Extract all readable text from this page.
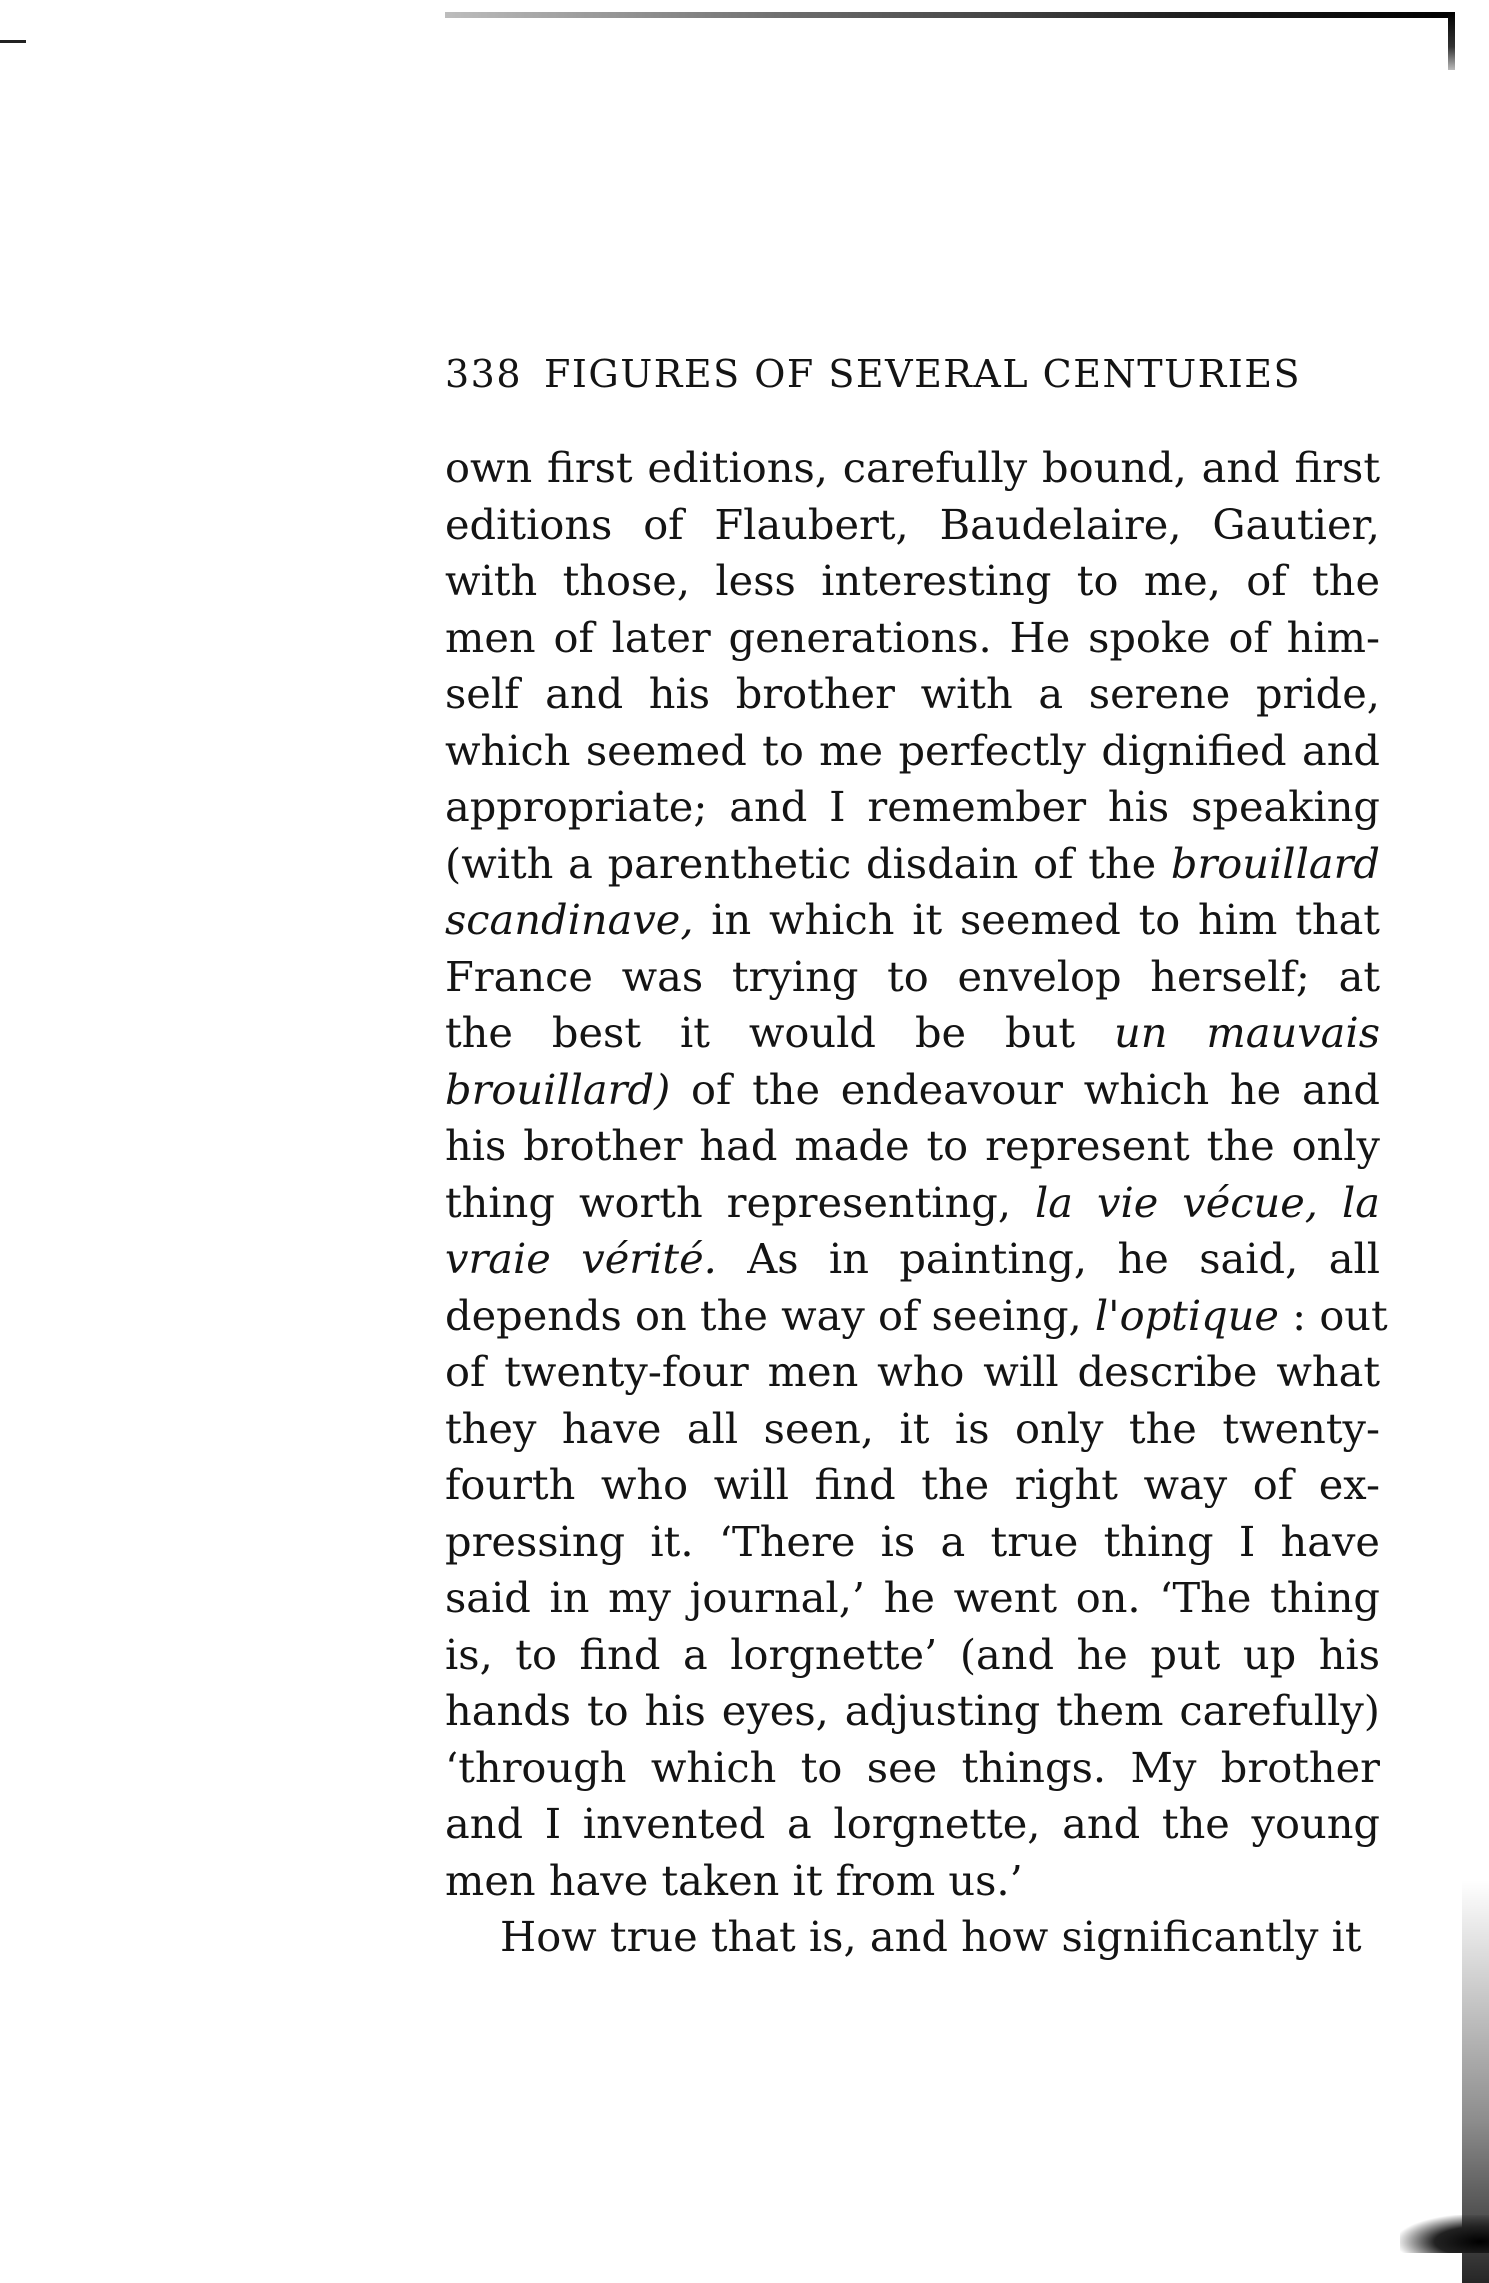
338 FIGURES OF SEVERAL CENTURIES
own first editions, carefully bound, and first
editions of Flaubert, Baudelaire, Gautier,
with those, less interesting to me, of the
men of later generations. He spoke of him-
self and his brother with a serene pride,
which seemed to me perfectly dignified and
appropriate; and I remember his speaking
(with a parenthetic disdain of the brouillard
scandinave, in which it seemed to him that
France was trying to envelop herself; at
the best it would be but un mauvais
brouillard) of the endeavour which he and
his brother had made to represent the only
thing worth representing, la vie vécue, la
vraie vérité. As in painting, he said, all
depends on the way of seeing, l'optique : out
of twenty-four men who will describe what
they have all seen, it is only the twenty-
fourth who will find the right way of ex-
pressing it. ‘There is a true thing I have
said in my journal,’ he went on. ‘The thing
is, to find a lorgnette’ (and he put up his
hands to his eyes, adjusting them carefully)
‘through which to see things. My brother
and I invented a lorgnette, and the young
men have taken it from us.’
How true that is, and how significantly it
